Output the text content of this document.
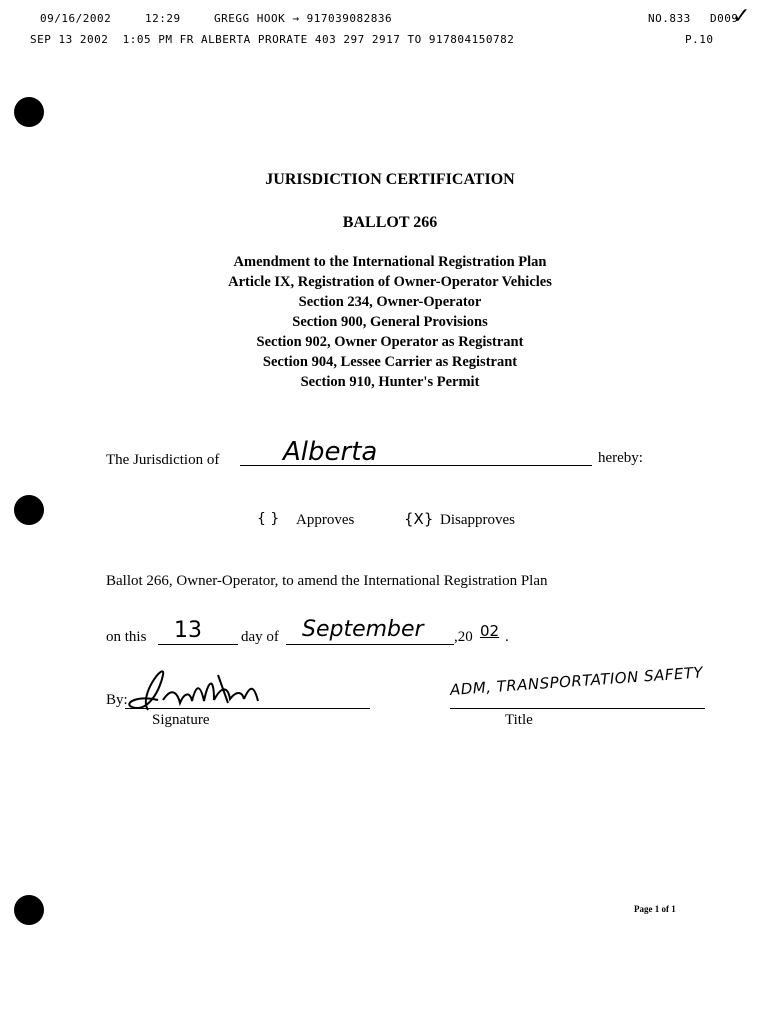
09/16/2002

	12:29

	GREGG HOOK → 917039082836

	NO.833

D009

✓

SEP 13 2002  1:05 PM FR ALBERTA PRORATE 403 297 2917 TO 917804150782

	P.10

JURISDICTION CERTIFICATION
BALLOT 266
Amendment to the International Registration Plan
Article IX, Registration of Owner-Operator Vehicles
Section 234, Owner-Operator
Section 900, General Provisions
Section 902, Owner Operator as Registrant
Section 904, Lessee Carrier as Registrant
Section 910, Hunter's Permit
The Jurisdiction of Alberta	hereby:
{ } Approves	{X} Disapproves
Ballot 266, Owner-Operator, to amend the International Registration Plan
on this 13	day of September ,20 02 .
By:
Signature
ADM, TRANSPORTATION SAFETY
Title
Page 1 of 1
